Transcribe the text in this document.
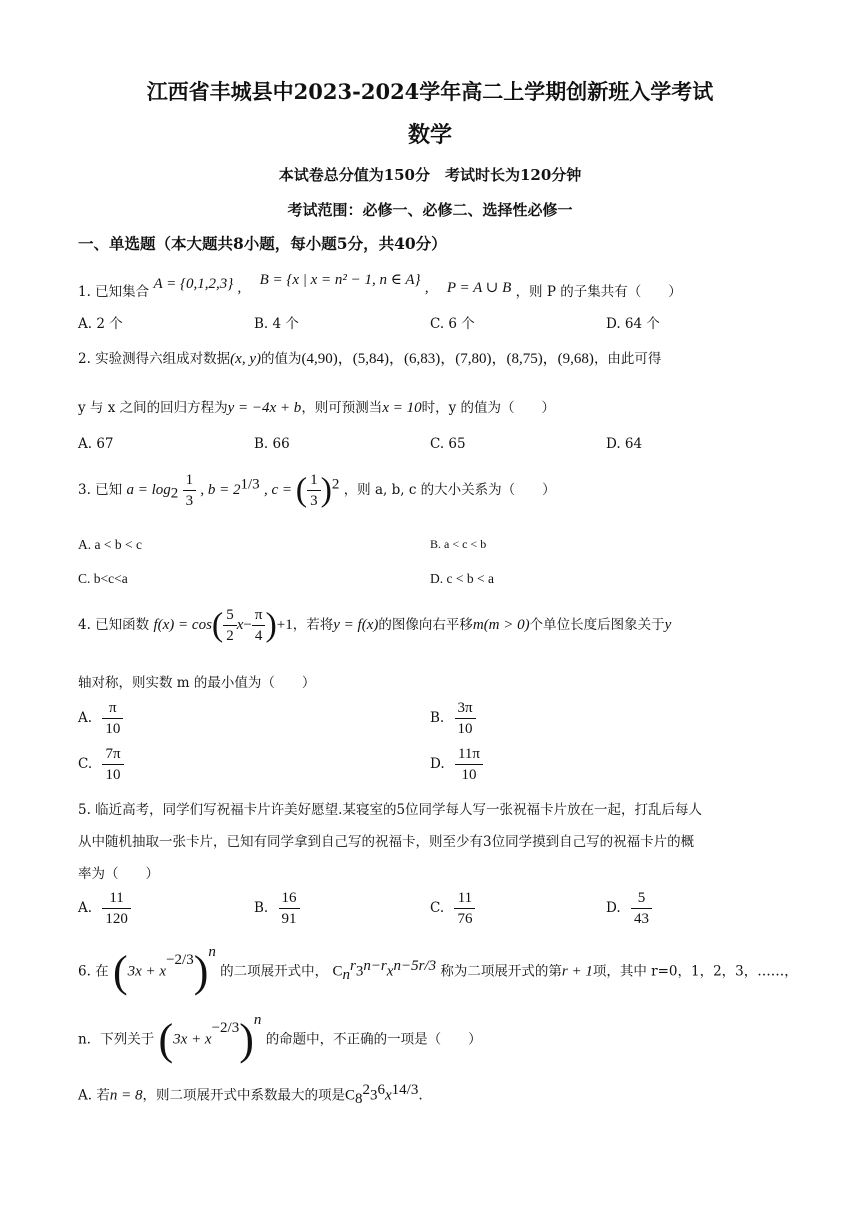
江西省丰城县中2023-2024学年高二上学期创新班入学考试
数学
本试卷总分值为150分　考试时长为120分钟
考试范围：必修一、必修二、选择性必修一
一、单选题（本大题共8小题，每小题5分，共40分）
1. 已知集合 A = {0,1,2,3} , B = {x | x = n² − 1, n ∈ A} , P = A ∪ B ，则 P 的子集共有（　　）
A. 2 个	B. 4 个	C. 6 个	D. 64 个
2. 实验测得六组成对数据(x, y)的值为(4,90)，(5,84)，(6,83)，(7,80)，(8,75)，(9,68)，由此可得
y 与 x 之间的回归方程为y = −4x + b，则可预测当x = 10时，y 的值为（　　）
A. 67	B. 66	C. 65	D. 64
3. 已知 $a = \log_2 \frac{1}{3}$ , $b = 2^{1/3}$ , c = ( $\frac{1}{3} )^2$ ，则 a, b, c 的大小关系为（　　）
A. a < b < c	B. a < c < b
C. b<c<a	D. c < b < a
4. 已知函数 $f(x) = \cos( \frac{5}{2} x- \frac{\pi}{4} )+1$，若将y = f(x)的图像向右平移m(m > 0)个单位长度后图象关于y
轴对称，则实数 m 的最小值为（　　）
A. $\frac{\pi}{10}$	B. $\frac{3\pi}{10}$
C. $\frac{7\pi}{10}$	D. $\frac{11\pi}{10}$
5. 临近高考，同学们写祝福卡片许美好愿望.某寝室的5位同学每人写一张祝福卡片放在一起，打乱后每人
从中随机抽取一张卡片，已知有同学拿到自己写的祝福卡，则至少有3位同学摸到自己写的祝福卡片的概
率为（　　）
A. $\frac{11}{120}$	B. $\frac{16}{91}$	C. $\frac{11}{76}$	D. $\frac{5}{43}$
6. 在 $(3x + x^{-2/3})^n$ 的二项展开式中， $C_n^r3^{n-r}x^{n-5r/3}$ 称为二项展开式的第r + 1项，其中 r=0，1，2，3，……，
n．下列关于 $(3x + x^{-2/3})^n$ 的命题中，不正确的一项是（　　）
A. 若n = 8，则二项展开式中系数最大的项是$C_8^23^6x^{14/3}$.
